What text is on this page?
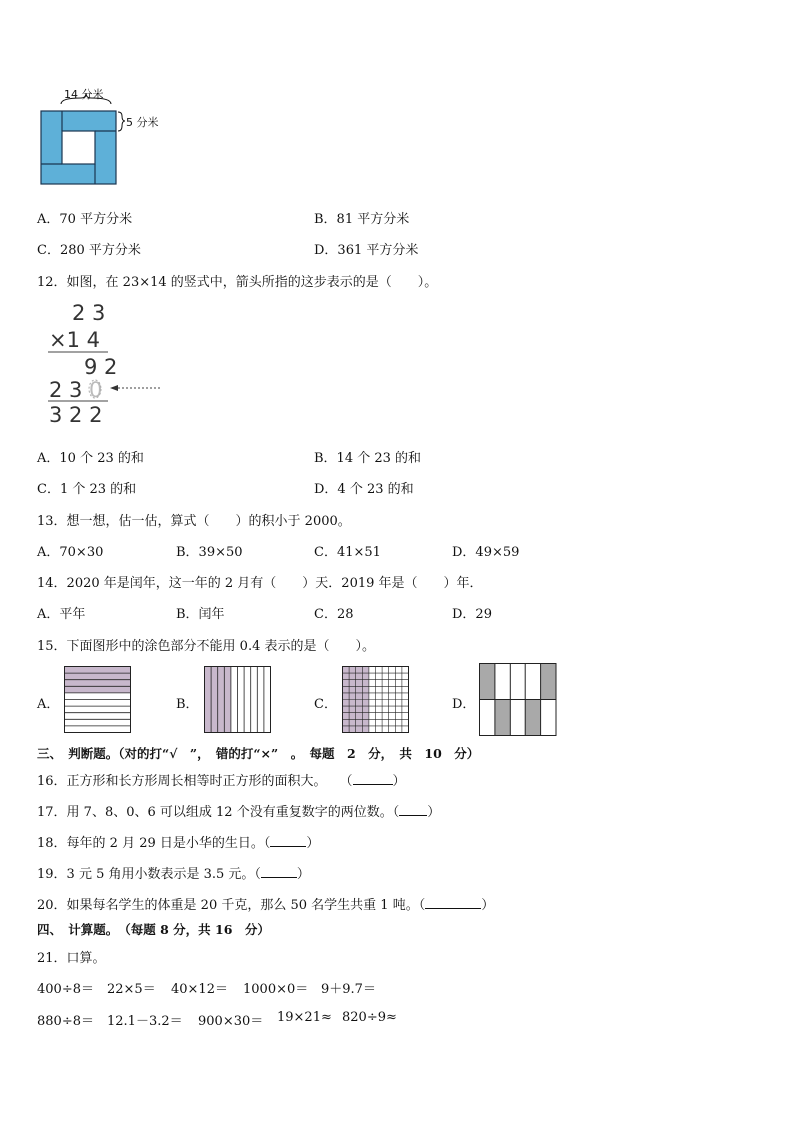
14 分米
5 分米
A．70 平方分米	B．81 平方分米
C．280 平方分米	D．361 平方分米
12．如图，在 23×14 的竖式中，箭头所指的这步表示的是（　　）。
2 3
×1 4
9 2
2 3 0
3 2 2
A．10 个 23 的和	B．14 个 23 的和
C．1 个 23 的和	D．4 个 23 的和
13．想一想，估一估，算式（　　）的积小于 2000。
A．70×30	B．39×50	C．41×51	D．49×59
14．2020 年是闰年，这一年的 2 月有（　　）天．2019 年是（　　）年．
A．平年	B．闰年	C．28	D．29
15．下面图形中的涂色部分不能用 0.4 表示的是（　　）。
A．	B．	C．	D．
三、　判断题。（对的打“√　”，　错的打“×”　。　每题　2　分，　共　10　分）
16．正方形和长方形周长相等时正方形的面积大。　　（	）
17．用 7、8、0、6 可以组成 12 个没有重复数字的两位数。（ ）
18．每年的 2 月 29 日是小华的生日。（	）
19．3 元 5 角用小数表示是 3.5 元。（	）
20．如果每名学生的体重是 20 千克，那么 50 名学生共重 1 吨。（	）
四、　计算题。　（每题 8 分，共 16　分）
21．口算。
400÷8＝ 22×5＝ 40×12＝ 1000×0＝ 9＋9.7＝
880÷8＝ 12.1－3.2＝ 900×30＝ 19×21≈ 820÷9≈
